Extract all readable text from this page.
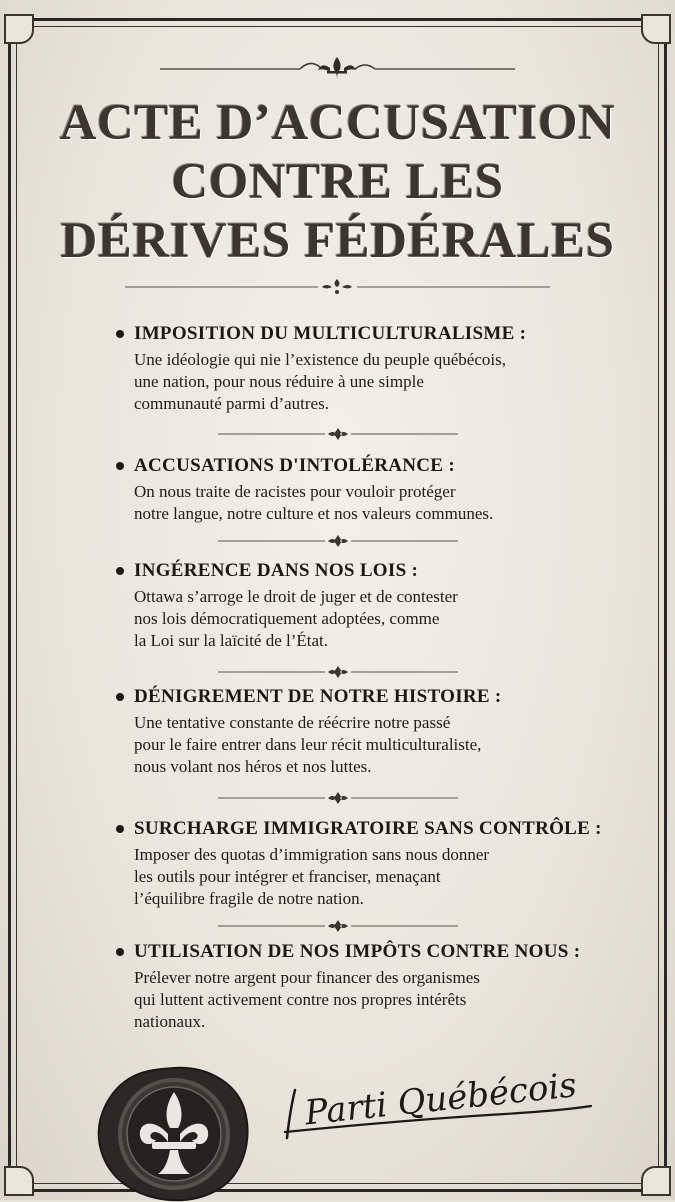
ACTE D’ACCUSATION
CONTRE LES
DÉRIVES FÉDÉRALES
IMPOSITION DU MULTICULTURALISME :
Une idéologie qui nie l’existence du peuple québécois,
une nation, pour nous réduire à une simple
communauté parmi d’autres.
ACCUSATIONS D'INTOLÉRANCE :
On nous traite de racistes pour vouloir protéger
notre langue, notre culture et nos valeurs communes.
INGÉRENCE DANS NOS LOIS :
Ottawa s’arroge le droit de juger et de contester
nos lois démocratiquement adoptées, comme
la Loi sur la laïcité de l’État.
DÉNIGREMENT DE NOTRE HISTOIRE :
Une tentative constante de réécrire notre passé
pour le faire entrer dans leur récit multiculturaliste,
nous volant nos héros et nos luttes.
SURCHARGE IMMIGRATOIRE SANS CONTRÔLE :
Imposer des quotas d’immigration sans nous donner
les outils pour intégrer et franciser, menaçant
l’équilibre fragile de notre nation.
UTILISATION DE NOS IMPÔTS CONTRE NOUS :
Prélever notre argent pour financer des organismes
qui luttent activement contre nos propres intérêts
nationaux.
Parti Québécois
